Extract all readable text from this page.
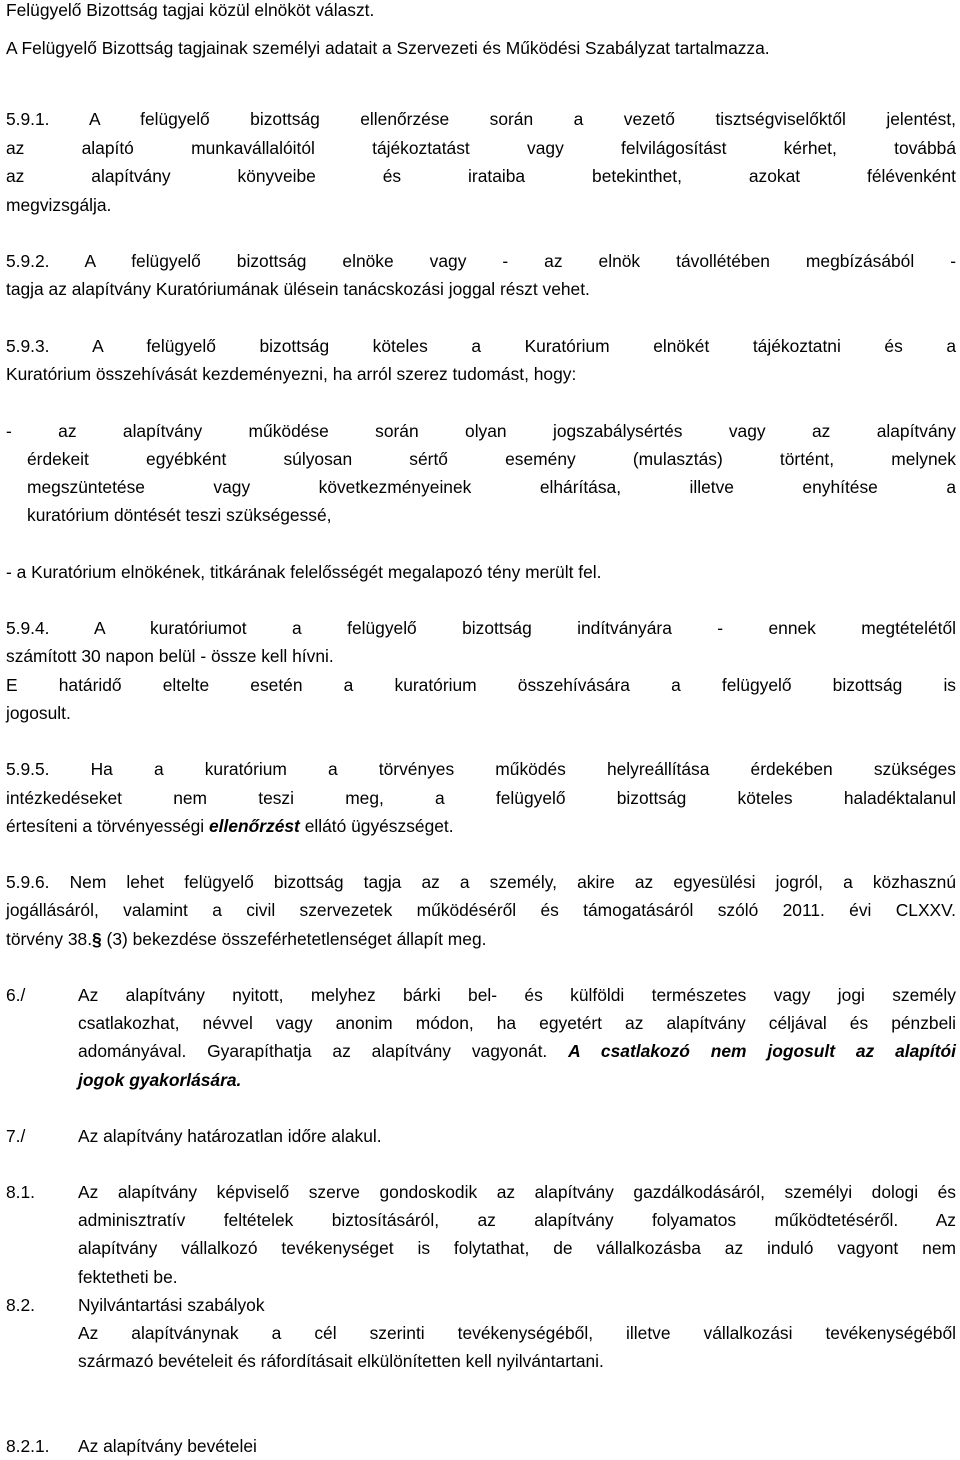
Felügyelő Bizottság tagjai közül elnököt választ.
A Felügyelő Bizottság tagjainak személyi adatait a Szervezeti és Működési Szabályzat tartalmazza.
5.9.1. A felügyelő bizottság ellenőrzése során a vezető tisztségviselőktől jelentést,
az alapító munkavállalóitól tájékoztatást vagy felvilágosítást kérhet, továbbá
az alapítvány könyveibe és irataiba betekinthet, azokat félévenként
megvizsgálja.
5.9.2. A felügyelő bizottság elnöke vagy - az elnök távollétében megbízásából -
tagja az alapítvány Kuratóriumának ülésein tanácskozási joggal részt vehet.
5.9.3. A felügyelő bizottság köteles a Kuratórium elnökét tájékoztatni és a
Kuratórium összehívását kezdeményezni, ha arról szerez tudomást, hogy:
- az alapítvány működése során olyan jogszabálysértés vagy az alapítvány
érdekeit egyébként súlyosan sértő esemény (mulasztás) történt, melynek
megszüntetése vagy következményeinek elhárítása, illetve enyhítése a
kuratórium döntését teszi szükségessé,
- a Kuratórium elnökének, titkárának felelősségét megalapozó tény merült fel.
5.9.4. A kuratóriumot a felügyelő bizottság indítványára - ennek megtételétől
számított 30 napon belül - össze kell hívni.
E határidő eltelte esetén a kuratórium összehívására a felügyelő bizottság is
jogosult.
5.9.5. Ha a kuratórium a törvényes működés helyreállítása érdekében szükséges
intézkedéseket nem teszi meg, a felügyelő bizottság köteles haladéktalanul
értesíteni a törvényességi ellenőrzést ellátó ügyészséget.
5.9.6. Nem lehet felügyelő bizottság tagja az a személy, akire az egyesülési jogról, a közhasznú
jogállásáról, valamint a civil szervezetek működéséről és támogatásáról szóló 2011. évi CLXXV.
törvény 38.§ (3) bekezdése összeférhetetlenséget állapít meg.
6./	Az alapítvány nyitott, melyhez bárki bel- és külföldi természetes vagy jogi személy
csatlakozhat, névvel vagy anonim módon, ha egyetért az alapítvány céljával és pénzbeli
adományával. Gyarapíthatja az alapítvány vagyonát. A csatlakozó nem jogosult az alapítói
jogok gyakorlására.
7./	Az alapítvány határozatlan időre alakul.
8.1. Az alapítvány képviselő szerve gondoskodik az alapítvány gazdálkodásáról, személyi dologi és
adminisztratív feltételek biztosításáról, az alapítvány folyamatos működtetéséről. Az
alapítvány vállalkozó tevékenységet is folytathat, de vállalkozásba az induló vagyont nem
fektetheti be.
8.2. Nyilvántartási szabályok
Az alapítványnak a cél szerinti tevékenységéből, illetve vállalkozási tevékenységéből
származó bevételeit és ráfordításait elkülönítetten kell nyilvántartani.
8.2.1. Az alapítvány bevételei
